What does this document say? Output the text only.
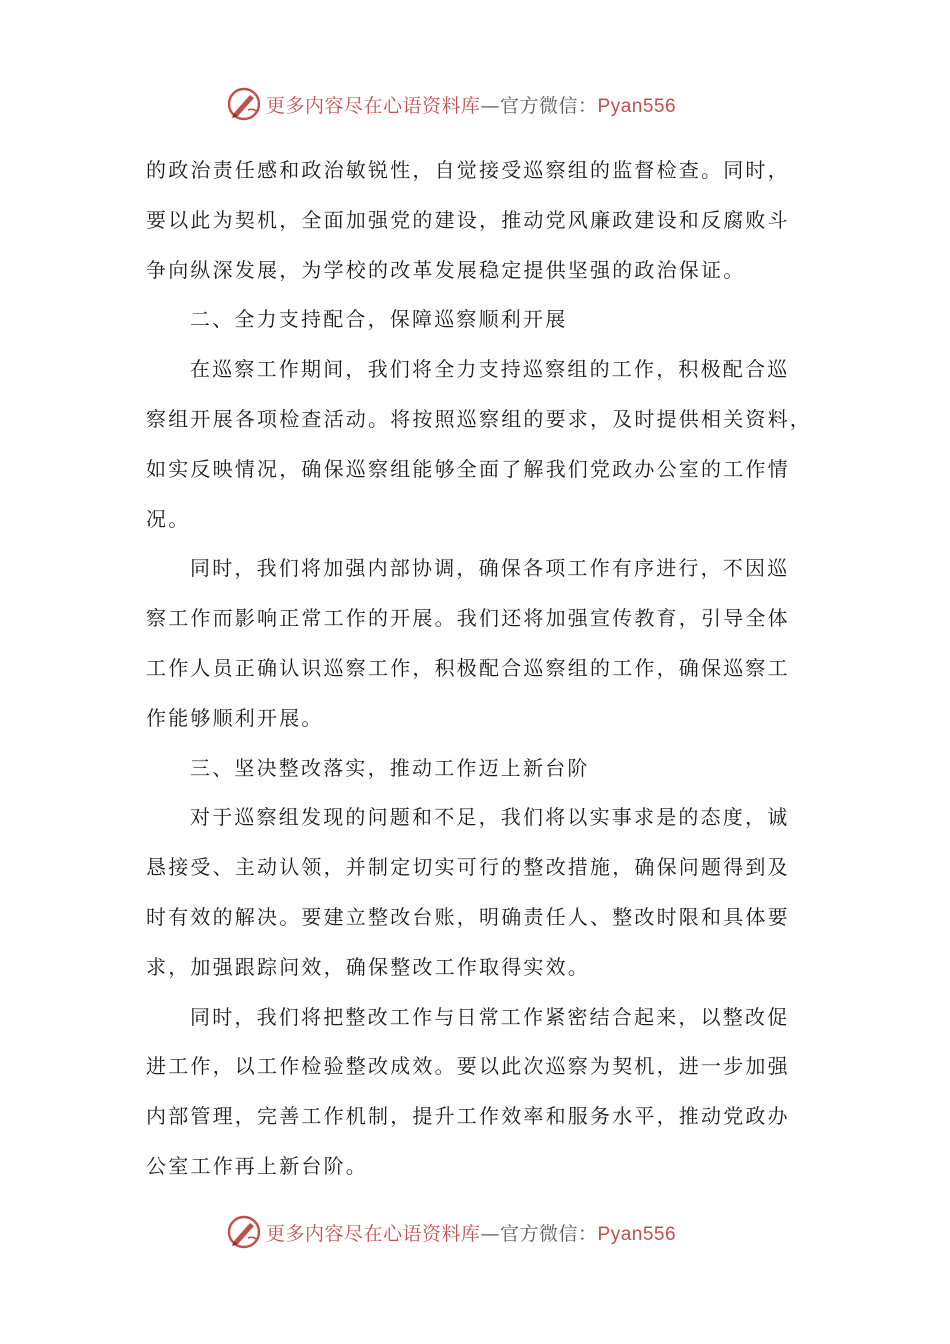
更多内容尽在心语资料库—官方微信：Pyan556
的政治责任感和政治敏锐性，自觉接受巡察组的监督检查。同时，
要以此为契机，全面加强党的建设，推动党风廉政建设和反腐败斗
争向纵深发展，为学校的改革发展稳定提供坚强的政治保证。
二、全力支持配合，保障巡察顺利开展
在巡察工作期间，我们将全力支持巡察组的工作，积极配合巡
察组开展各项检查活动。将按照巡察组的要求，及时提供相关资料，
如实反映情况，确保巡察组能够全面了解我们党政办公室的工作情
况。
同时，我们将加强内部协调，确保各项工作有序进行，不因巡
察工作而影响正常工作的开展。我们还将加强宣传教育，引导全体
工作人员正确认识巡察工作，积极配合巡察组的工作，确保巡察工
作能够顺利开展。
三、坚决整改落实，推动工作迈上新台阶
对于巡察组发现的问题和不足，我们将以实事求是的态度，诚
恳接受、主动认领，并制定切实可行的整改措施，确保问题得到及
时有效的解决。要建立整改台账，明确责任人、整改时限和具体要
求，加强跟踪问效，确保整改工作取得实效。
同时，我们将把整改工作与日常工作紧密结合起来，以整改促
进工作，以工作检验整改成效。要以此次巡察为契机，进一步加强
内部管理，完善工作机制，提升工作效率和服务水平，推动党政办
公室工作再上新台阶。
更多内容尽在心语资料库—官方微信：Pyan556
